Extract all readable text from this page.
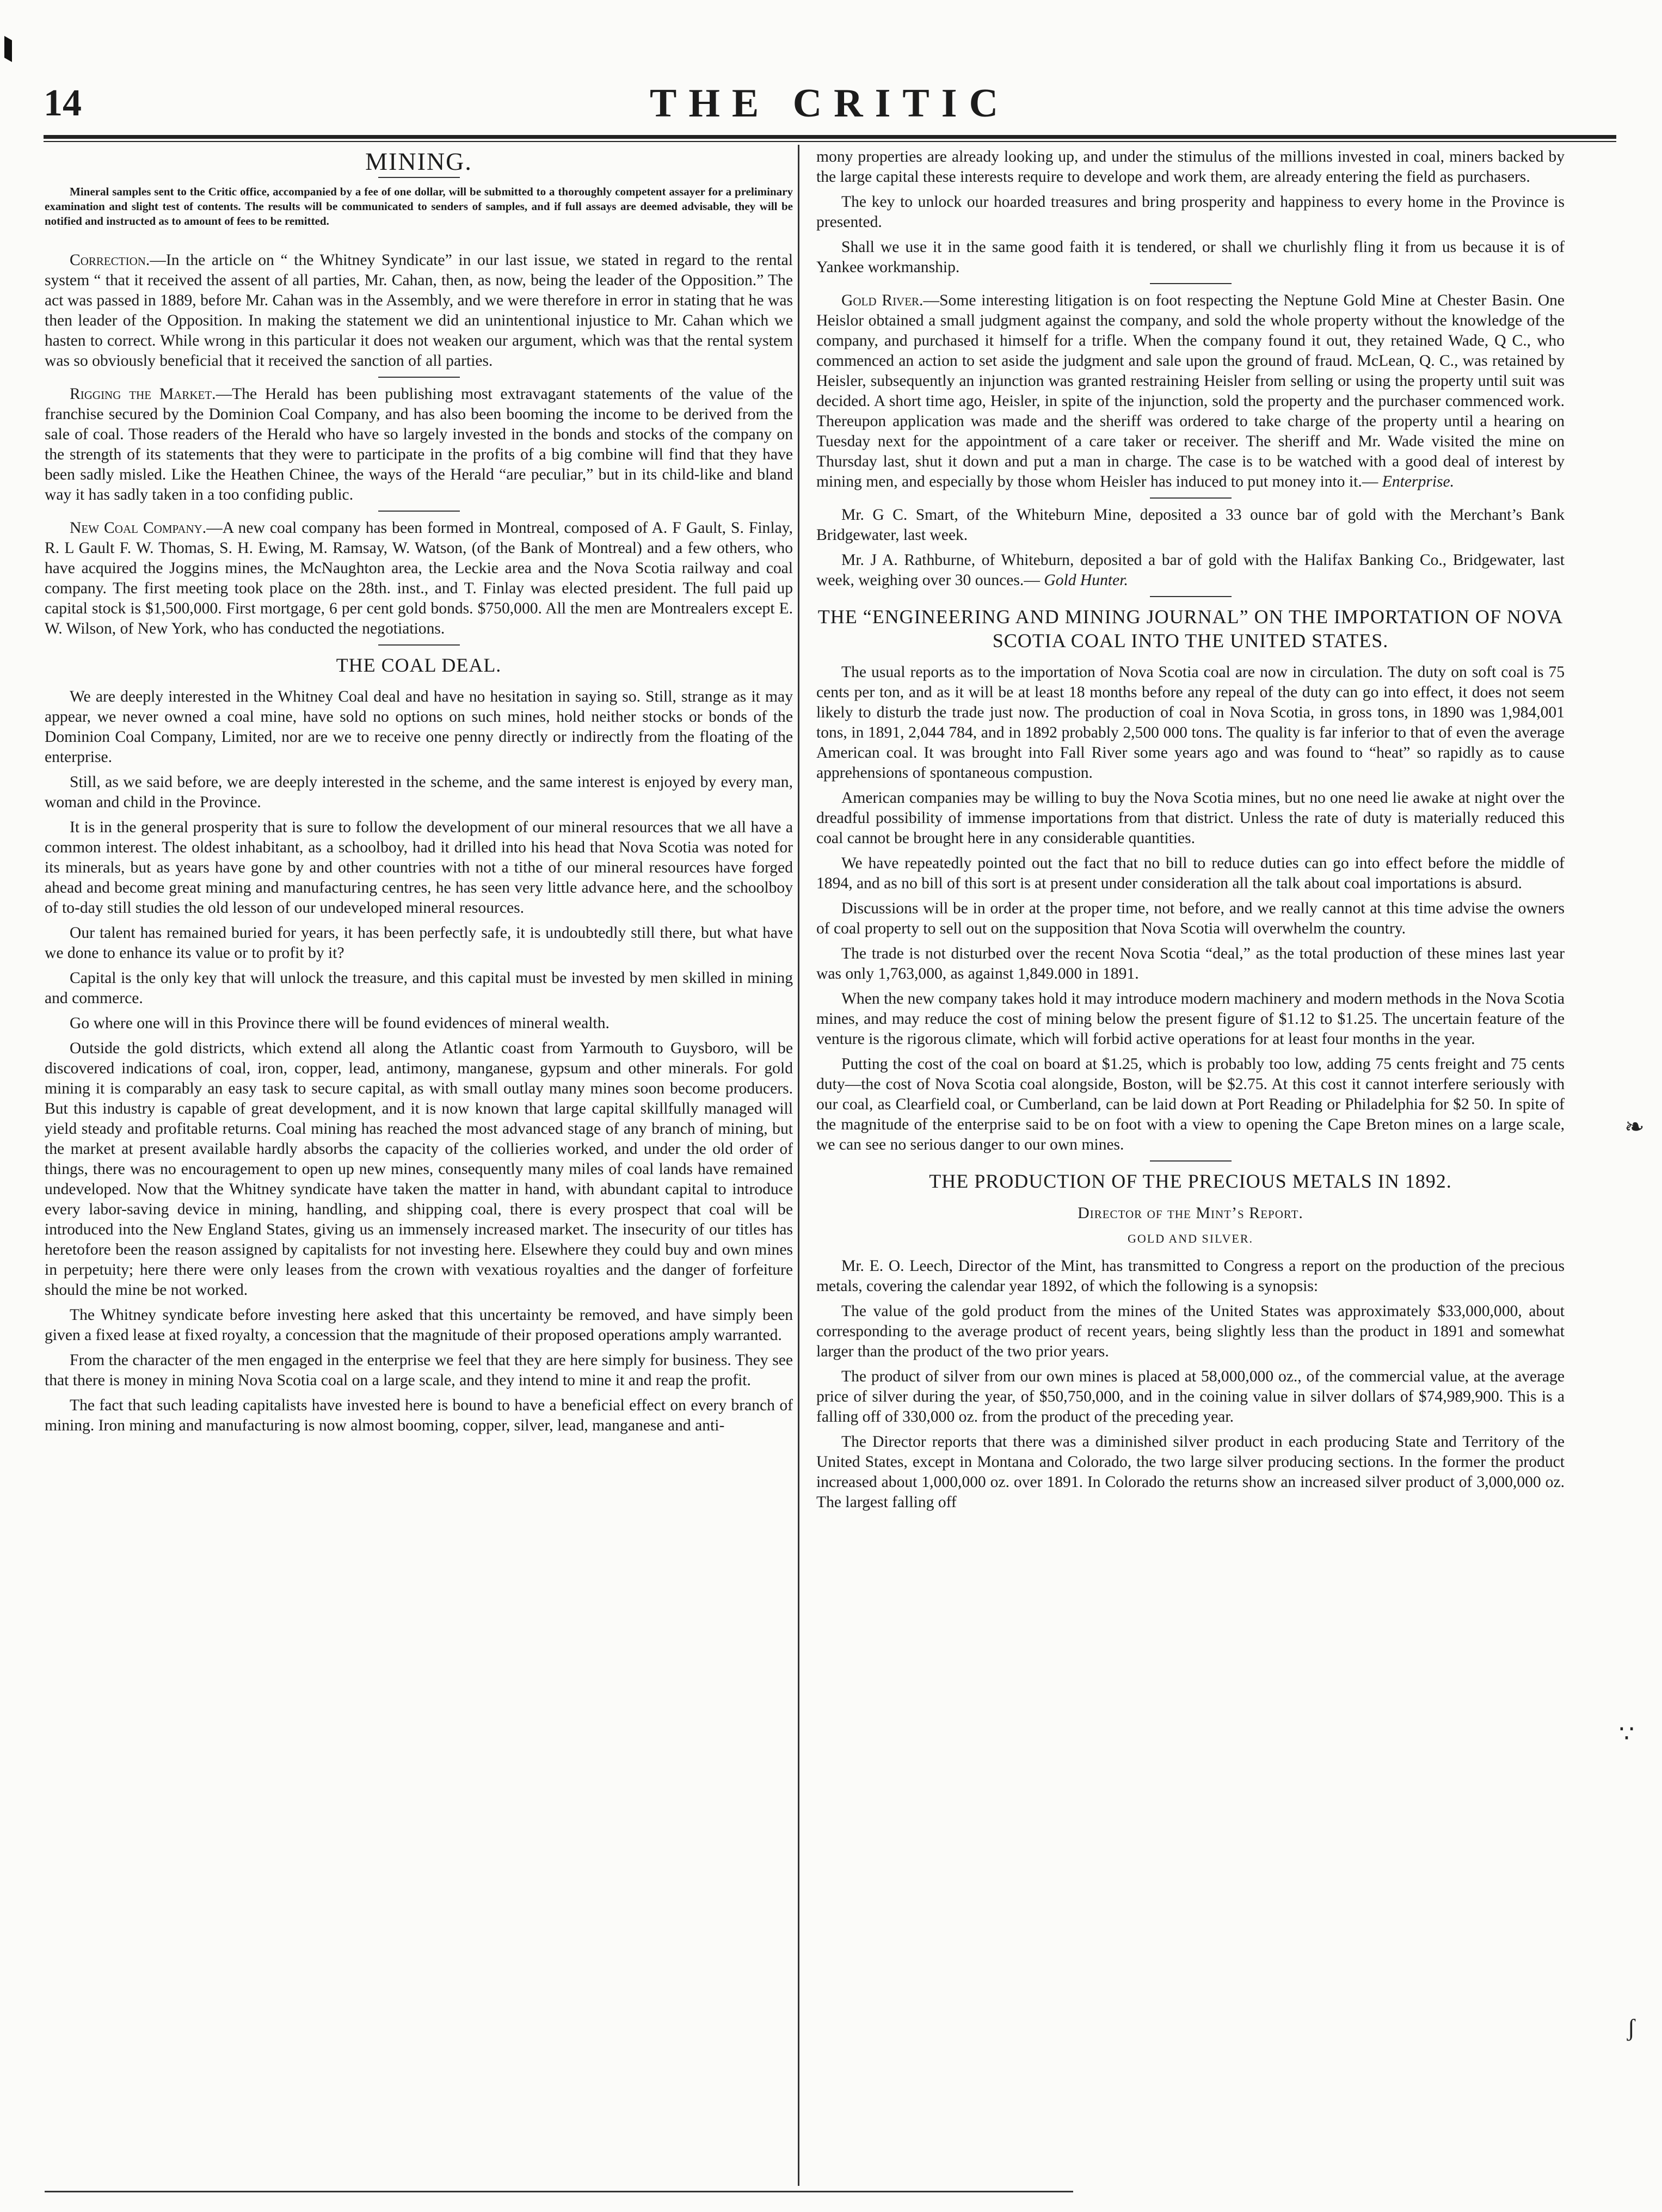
14	THE CRITIC
MINING.
Mineral samples sent to the Critic office, accompanied by a fee of one dollar, will be submitted to a thoroughly competent assayer for a preliminary examination and slight test of contents. The results will be communicated to senders of samples, and if full assays are deemed advisable, they will be notified and instructed as to amount of fees to be remitted.

Correction.—In the article on “ the Whitney Syndicate” in our last issue, we stated in regard to the rental system “ that it received the assent of all parties, Mr. Cahan, then, as now, being the leader of the Opposition.” The act was passed in 1889, before Mr. Cahan was in the Assembly, and we were therefore in error in stating that he was then leader of the Opposition. In making the statement we did an unintentional injustice to Mr. Cahan which we hasten to correct. While wrong in this particular it does not weaken our argument, which was that the rental system was so obviously beneficial that it received the sanction of all parties.

Rigging the Market.—The Herald has been publishing most extravagant statements of the value of the franchise secured by the Dominion Coal Company, and has also been booming the income to be derived from the sale of coal. Those readers of the Herald who have so largely invested in the bonds and stocks of the company on the strength of its statements that they were to participate in the profits of a big combine will find that they have been sadly misled. Like the Heathen Chinee, the ways of the Herald “are peculiar,” but in its child-like and bland way it has sadly taken in a too confiding public.

New Coal Company.—A new coal company has been formed in Montreal, composed of A. F Gault, S. Finlay, R. L Gault F. W. Thomas, S. H. Ewing, M. Ramsay, W. Watson, (of the Bank of Montreal) and a few others, who have acquired the Joggins mines, the McNaughton area, the Leckie area and the Nova Scotia railway and coal company. The first meeting took place on the 28th. inst., and T. Finlay was elected president. The full paid up capital stock is $1,500,000. First mortgage, 6 per cent gold bonds. $750,000. All the men are Montrealers except E. W. Wilson, of New York, who has conducted the negotiations.

THE COAL DEAL.

We are deeply interested in the Whitney Coal deal and have no hesitation in saying so. Still, strange as it may appear, we never owned a coal mine, have sold no options on such mines, hold neither stocks or bonds of the Dominion Coal Company, Limited, nor are we to receive one penny directly or indirectly from the floating of the enterprise.

Still, as we said before, we are deeply interested in the scheme, and the same interest is enjoyed by every man, woman and child in the Province.

It is in the general prosperity that is sure to follow the development of our mineral resources that we all have a common interest. The oldest inhabitant, as a schoolboy, had it drilled into his head that Nova Scotia was noted for its minerals, but as years have gone by and other countries with not a tithe of our mineral resources have forged ahead and become great mining and manufacturing centres, he has seen very little advance here, and the schoolboy of to-day still studies the old lesson of our undeveloped mineral resources.

Our talent has remained buried for years, it has been perfectly safe, it is undoubtedly still there, but what have we done to enhance its value or to profit by it?

Capital is the only key that will unlock the treasure, and this capital must be invested by men skilled in mining and commerce.

Go where one will in this Province there will be found evidences of mineral wealth.

Outside the gold districts, which extend all along the Atlantic coast from Yarmouth to Guysboro, will be discovered indications of coal, iron, copper, lead, antimony, manganese, gypsum and other minerals. For gold mining it is comparably an easy task to secure capital, as with small outlay many mines soon become producers. But this industry is capable of great development, and it is now known that large capital skillfully managed will yield steady and profitable returns. Coal mining has reached the most advanced stage of any branch of mining, but the market at present available hardly absorbs the capacity of the collieries worked, and under the old order of things, there was no encouragement to open up new mines, consequently many miles of coal lands have remained undeveloped. Now that the Whitney syndicate have taken the matter in hand, with abundant capital to introduce every labor-saving device in mining, handling, and shipping coal, there is every prospect that coal will be introduced into the New England States, giving us an immensely increased market. The insecurity of our titles has heretofore been the reason assigned by capitalists for not investing here. Elsewhere they could buy and own mines in perpetuity; here there were only leases from the crown with vexatious royalties and the danger of forfeiture should the mine be not worked.

The Whitney syndicate before investing here asked that this uncertainty be removed, and have simply been given a fixed lease at fixed royalty, a concession that the magnitude of their proposed operations amply warranted.

From the character of the men engaged in the enterprise we feel that they are here simply for business. They see that there is money in mining Nova Scotia coal on a large scale, and they intend to mine it and reap the profit.

The fact that such leading capitalists have invested here is bound to have a beneficial effect on every branch of mining. Iron mining and manufacturing is now almost booming, copper, silver, lead, manganese and anti-

mony properties are already looking up, and under the stimulus of the millions invested in coal, miners backed by the large capital these interests require to develope and work them, are already entering the field as purchasers.

The key to unlock our hoarded treasures and bring prosperity and happiness to every home in the Province is presented.

Shall we use it in the same good faith it is tendered, or shall we churlishly fling it from us because it is of Yankee workmanship.

Gold River.—Some interesting litigation is on foot respecting the Neptune Gold Mine at Chester Basin. One Heislor obtained a small judgment against the company, and sold the whole property without the knowledge of the company, and purchased it himself for a trifle. When the company found it out, they retained Wade, Q C., who commenced an action to set aside the judgment and sale upon the ground of fraud. McLean, Q. C., was retained by Heisler, subsequently an injunction was granted restraining Heisler from selling or using the property until suit was decided. A short time ago, Heisler, in spite of the injunction, sold the property and the purchaser commenced work. Thereupon application was made and the sheriff was ordered to take charge of the property until a hearing on Tuesday next for the appointment of a care taker or receiver. The sheriff and Mr. Wade visited the mine on Thursday last, shut it down and put a man in charge. The case is to be watched with a good deal of interest by mining men, and especially by those whom Heisler has induced to put money into it.— Enterprise.

Mr. G C. Smart, of the Whiteburn Mine, deposited a 33 ounce bar of gold with the Merchant’s Bank Bridgewater, last week.

Mr. J A. Rathburne, of Whiteburn, deposited a bar of gold with the Halifax Banking Co., Bridgewater, last week, weighing over 30 ounces.— Gold Hunter.

THE “ENGINEERING AND MINING JOURNAL” ON THE IMPORTATION OF NOVA SCOTIA COAL INTO THE UNITED STATES.

The usual reports as to the importation of Nova Scotia coal are now in circulation. The duty on soft coal is 75 cents per ton, and as it will be at least 18 months before any repeal of the duty can go into effect, it does not seem likely to disturb the trade just now. The production of coal in Nova Scotia, in gross tons, in 1890 was 1,984,001 tons, in 1891, 2,044 784, and in 1892 probably 2,500 000 tons. The quality is far inferior to that of even the average American coal. It was brought into Fall River some years ago and was found to “heat” so rapidly as to cause apprehensions of spontaneous compustion.

American companies may be willing to buy the Nova Scotia mines, but no one need lie awake at night over the dreadful possibility of immense importations from that district. Unless the rate of duty is materially reduced this coal cannot be brought here in any considerable quantities.

We have repeatedly pointed out the fact that no bill to reduce duties can go into effect before the middle of 1894, and as no bill of this sort is at present under consideration all the talk about coal importations is absurd.

Discussions will be in order at the proper time, not before, and we really cannot at this time advise the owners of coal property to sell out on the supposition that Nova Scotia will overwhelm the country.

The trade is not disturbed over the recent Nova Scotia “deal,” as the total production of these mines last year was only 1,763,000, as against 1,849.000 in 1891.

When the new company takes hold it may introduce modern machinery and modern methods in the Nova Scotia mines, and may reduce the cost of mining below the present figure of $1.12 to $1.25. The uncertain feature of the venture is the rigorous climate, which will forbid active operations for at least four months in the year.

Putting the cost of the coal on board at $1.25, which is probably too low, adding 75 cents freight and 75 cents duty—the cost of Nova Scotia coal alongside, Boston, will be $2.75. At this cost it cannot interfere seriously with our coal, as Clearfield coal, or Cumberland, can be laid down at Port Reading or Philadelphia for $2 50. In spite of the magnitude of the enterprise said to be on foot with a view to opening the Cape Breton mines on a large scale, we can see no serious danger to our own mines.

THE PRODUCTION OF THE PRECIOUS METALS IN 1892.
Director of the Mint’s Report.
GOLD AND SILVER.

Mr. E. O. Leech, Director of the Mint, has transmitted to Congress a report on the production of the precious metals, covering the calendar year 1892, of which the following is a synopsis:

The value of the gold product from the mines of the United States was approximately $33,000,000, about corresponding to the average product of recent years, being slightly less than the product in 1891 and somewhat larger than the product of the two prior years.

The product of silver from our own mines is placed at 58,000,000 oz., of the commercial value, at the average price of silver during the year, of $50,750,000, and in the coining value in silver dollars of $74,989,900. This is a falling off of 330,000 oz. from the product of the preceding year.

The Director reports that there was a diminished silver product in each producing State and Territory of the United States, except in Montana and Colorado, the two large silver producing sections. In the former the product increased about 1,000,000 oz. over 1891. In Colorado the returns show an increased silver product of 3,000,000 oz. The largest falling off

❧
∵
ʃ
